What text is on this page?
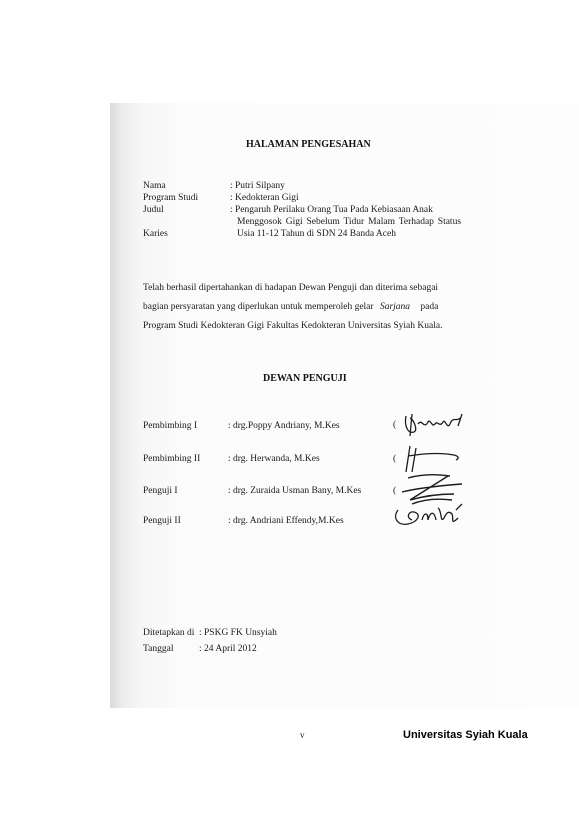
HALAMAN PENGESAHAN
Nama	: Putri Silpany
Program Studi	: Kedokteran Gigi
Judul	: Pengaruh Perilaku Orang Tua Pada Kebiasaan Anak
Menggosok Gigi Sebelum Tidur Malam Terhadap Status
Karies	Usia 11-12 Tahun di SDN 24 Banda Aceh
Telah berhasil dipertahankan di hadapan Dewan Penguji dan diterima sebagai
bagian persyaratan yang diperlukan untuk memperoleh gelar Sarjana pada
Program Studi Kedokteran Gigi Fakultas Kedokteran Universitas Syiah Kuala.
DEWAN PENGUJI
Pembimbing I	: drg.Poppy Andriany, M.Kes	(
Pembimbing II	: drg. Herwanda, M.Kes	(
Penguji I	: drg. Zuraida Usman Bany, M.Kes	(
Penguji II	: drg. Andriani Effendy,M.Kes
Ditetapkan di : PSKG FK Unsyiah
Tanggal	: 24 April 2012
v	Universitas Syiah Kuala
